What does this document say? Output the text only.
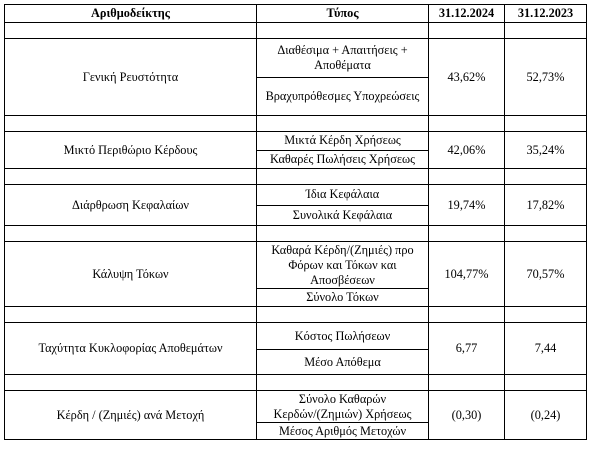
Αριθμοδείκτης	Τύπος	31.12.2024	31.12.2023

Γενική Ρευστότητα	Διαθέσιμα + Απαιτήσεις + Αποθέματα	43,62%	52,73%
	Βραχυπρόθεσμες Υποχρεώσεις		

Μικτό Περιθώριο Κέρδους	Μικτά Κέρδη Χρήσεως	42,06%	35,24%
	Καθαρές Πωλήσεις Χρήσεως		

Διάρθρωση Κεφαλαίων	Ίδια Κεφάλαια	19,74%	17,82%
	Συνολικά Κεφάλαια		

Κάλυψη Τόκων	Καθαρά Κέρδη/(Ζημιές) προ Φόρων και Τόκων και Αποσβέσεων	104,77%	70,57%
	Σύνολο Τόκων		

Ταχύτητα Κυκλοφορίας Αποθεμάτων	Κόστος Πωλήσεων	6,77	7,44
	Μέσο Απόθεμα		

Κέρδη / (Ζημιές) ανά Μετοχή	Σύνολο Καθαρών Κερδών/(Ζημιών) Χρήσεως	(0,30)	(0,24)
	Μέσος Αριθμός Μετοχών		
